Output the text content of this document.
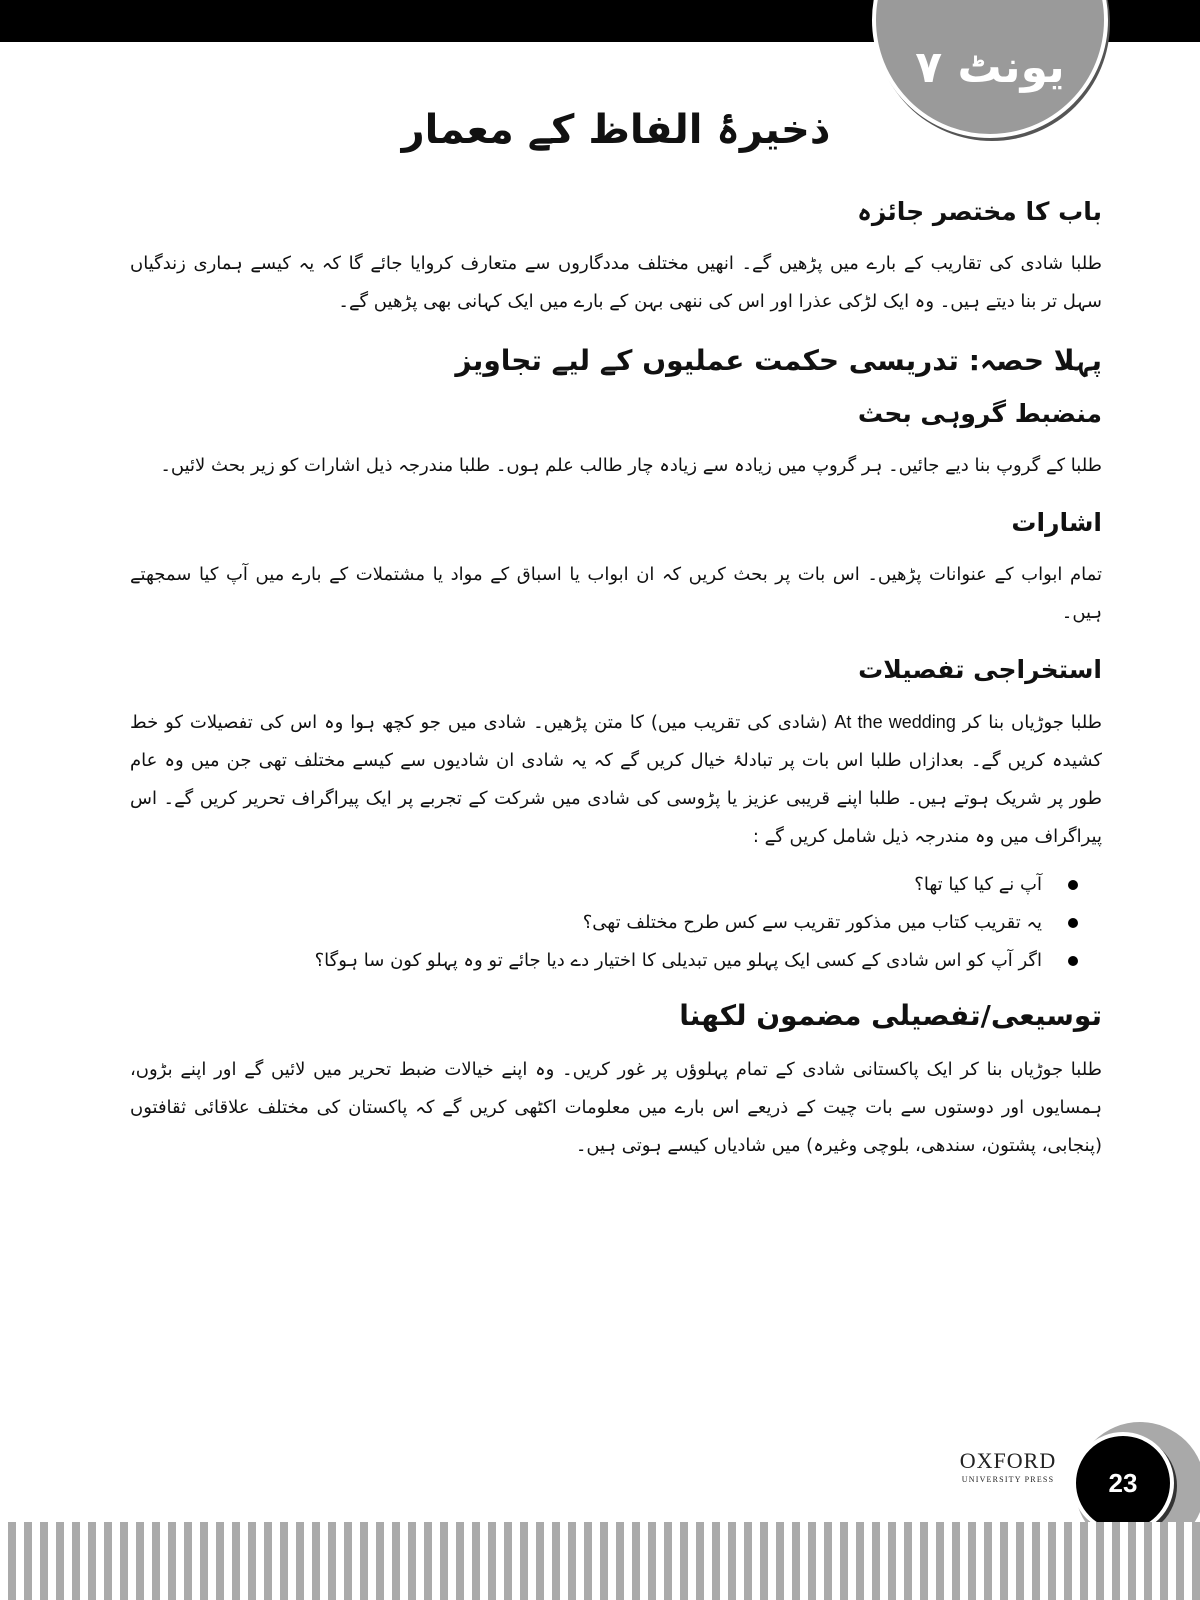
یونٹ ۷
ذخیرۂ الفاظ کے معمار
باب کا مختصر جائزہ

طلبا شادی کی تقاریب کے بارے میں پڑھیں گے۔ انھیں مختلف مددگاروں سے متعارف کروایا جائے گا کہ یہ کیسے ہماری زندگیاں سہل تر بنا دیتے ہیں۔ وہ ایک لڑکی عذرا اور اس کی ننھی بہن کے بارے میں ایک کہانی بھی پڑھیں گے۔

پہلا حصہ: تدریسی حکمت عملیوں کے لیے تجاویز
منضبط گروہی بحث

طلبا کے گروپ بنا دیے جائیں۔ ہر گروپ میں زیادہ سے زیادہ چار طالب علم ہوں۔ طلبا مندرجہ ذیل اشارات کو زیر بحث لائیں۔

اشارات

تمام ابواب کے عنوانات پڑھیں۔ اس بات پر بحث کریں کہ ان ابواب یا اسباق کے مواد یا مشتملات کے بارے میں آپ کیا سمجھتے ہیں۔

استخراجی تفصیلات

طلبا جوڑیاں بنا کر At the wedding (شادی کی تقریب میں) کا متن پڑھیں۔ شادی میں جو کچھ ہوا وہ اس کی تفصیلات کو خط کشیدہ کریں گے۔ بعدازاں طلبا اس بات پر تبادلۂ خیال کریں گے کہ یہ شادی ان شادیوں سے کیسے مختلف تھی جن میں وہ عام طور پر شریک ہوتے ہیں۔ طلبا اپنے قریبی عزیز یا پڑوسی کی شادی میں شرکت کے تجربے پر ایک پیراگراف تحریر کریں گے۔ اس پیراگراف میں وہ مندرجہ ذیل شامل کریں گے :

آپ نے کیا کیا تھا؟
یہ تقریب کتاب میں مذکور تقریب سے کس طرح مختلف تھی؟
اگر آپ کو اس شادی کے کسی ایک پہلو میں تبدیلی کا اختیار دے دیا جائے تو وہ پہلو کون سا ہوگا؟
توسیعی/تفصیلی مضمون لکھنا

طلبا جوڑیاں بنا کر ایک پاکستانی شادی کے تمام پہلوؤں پر غور کریں۔ وہ اپنے خیالات ضبط تحریر میں لائیں گے اور اپنے بڑوں، ہمسایوں اور دوستوں سے بات چیت کے ذریعے اس بارے میں معلومات اکٹھی کریں گے کہ پاکستان کی مختلف علاقائی ثقافتوں (پنجابی، پشتون، سندھی، بلوچی وغیرہ) میں شادیاں کیسے ہوتی ہیں۔

OXFORD
UNIVERSITY PRESS	23
